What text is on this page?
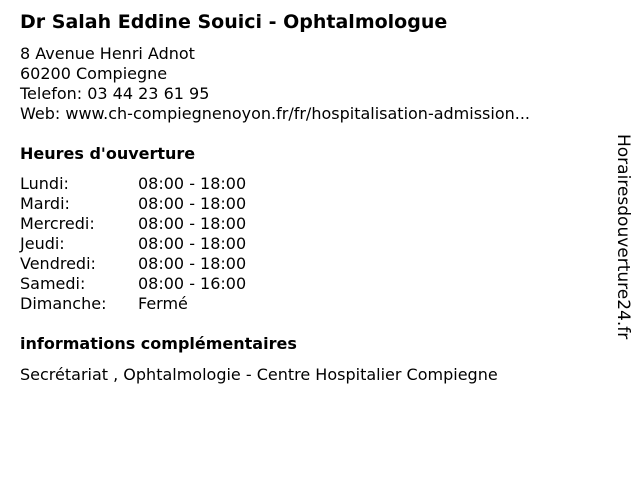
Dr Salah Eddine Souici - Ophtalmologue
8 Avenue Henri Adnot
60200 Compiegne
Telefon: 03 44 23 61 95
Web: www.ch-compiegnenoyon.fr/fr/hospitalisation-admission...
Heures d'ouverture
Lundi:	08:00 - 18:00
Mardi:	08:00 - 18:00
Mercredi:	08:00 - 18:00
Jeudi:	08:00 - 18:00
Vendredi:	08:00 - 18:00
Samedi:	08:00 - 16:00
Dimanche: Fermé
informations complémentaires
Secrétariat , Ophtalmologie - Centre Hospitalier Compiegne
Horairesdouverture24.fr
